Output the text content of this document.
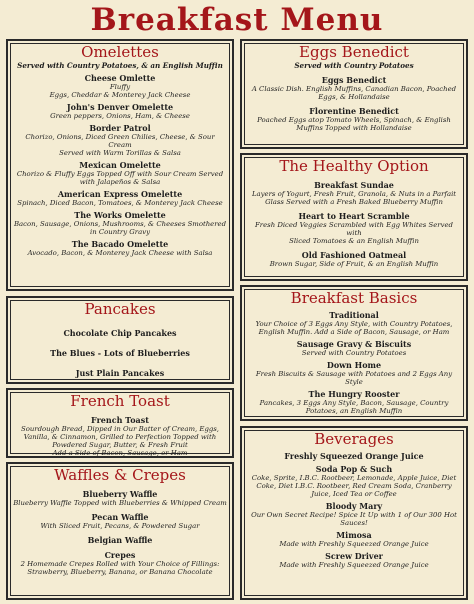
Breakfast Menu
Omelettes
Served with Country Potatoes, & an English Muffin
Cheese Omlette
Fluffy
Eggs, Cheddar & Monterey Jack Cheese
John's Denver Omelette
Green peppers, Onions, Ham, & Cheese
Border Patrol
Chorizo, Onions, Diced Green Chilies, Cheese, & Sour Cream
Served with Warm Torillas & Salsa
Mexican Omelette
Chorizo & Fluffy Eggs Topped Off with Sour Cream Served
with Jalapeños & Salsa
American Express Omelette
Spinach, Diced Bacon, Tomatoes, & Monterey Jack Cheese
The Works Omelette
Bacon, Sausage, Onions, Mushrooms, & Cheeses Smothered
in Country Gravy
The Bacado Omelette
Avocado, Bacon, & Monterey Jack Cheese with Salsa
Pancakes
Chocolate Chip Pancakes
The Blues - Lots of Blueberries
Just Plain Pancakes
French Toast
French Toast
Sourdough Bread, Dipped in Our Batter of Cream, Eggs,
Vanilla, & Cinnamon, Grilled to Perfection Topped with
Powdered Sugar, Butter, & Fresh Fruit
Add a Side of Bacon, Sausage, or Ham
Waffles & Crepes
Blueberry Waffle
Blueberry Waffle Topped with Blueberries & Whipped Cream
Pecan Waffle
With Sliced Fruit, Pecans, & Powdered Sugar
Belgian Waffle
Crepes
2 Homemade Crepes Rolled with Your Choice of Fillings:
Strawberry, Blueberry, Banana, or Banana Chocolate
Eggs Benedict
Served with Country Potatoes
Eggs Benedict
A Classic Dish. English Muffins, Canadian Bacon, Poached
Eggs, & Hollandaise
Florentine Benedict
Poached Eggs atop Tomato Wheels, Spinach, & English
Muffins Topped with Hollandaise
The Healthy Option
Breakfast Sundae
Layers of Yogurt, Fresh Fruit, Granola, & Nuts in a Parfait
Glass Served with a Fresh Baked Blueberry Muffin
Heart to Heart Scramble
Fresh Diced Veggies Scrambled with Egg Whites Served with
Sliced Tomatoes & an English Muffin
Old Fashioned Oatmeal
Brown Sugar, Side of Fruit, & an English Muffin
Breakfast Basics
Traditional
Your Choice of 3 Eggs Any Style, with Country Potatoes,
English Muffin. Add a Side of Bacon, Sausage, or Ham
Sausage Gravy & Biscuits
Served with Country Potatoes
Down Home
Fresh Biscuits & Sausage with Potatoes and 2 Eggs Any Style
The Hungry Rooster
Pancakes, 3 Eggs Any Style, Bacon, Sausage, Country
Potatoes, an English Muffin
Beverages
Freshly Squeezed Orange Juice
Soda Pop & Such
Coke, Sprite, I.B.C. Rootbeer, Lemonade, Apple Juice, Diet
Coke, Diet I.B.C. Rootbeer, Red Cream Soda, Cranberry
Juice, Iced Tea or Coffee
Bloody Mary
Our Own Secret Recipe! Spice It Up with 1 of Our 300 Hot
Sauces!
Mimosa
Made with Freshly Squeezed Orange Juice
Screw Driver
Made with Freshly Squeezed Orange Juice
